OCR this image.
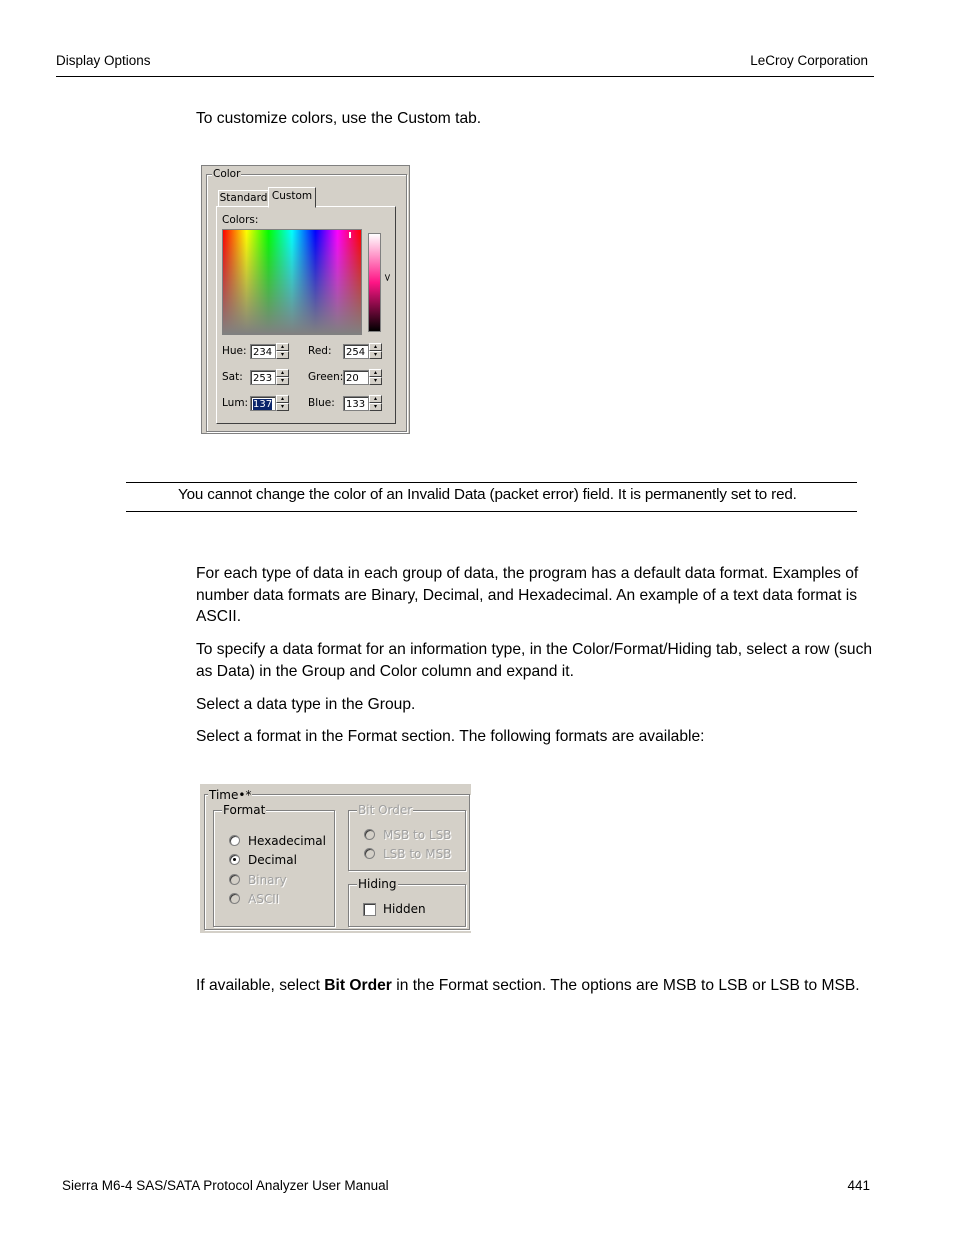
Display Options	LeCroy Corporation

To customize colors, use the Custom tab.

Color
Standard Custom
Colors:
<
Hue: 234
▴
▾
Sat:	253
▴
▾
Lum: 137
▴
▾
Red:	254
▴
▾
Green: 20
▴
▾
Blue:	133
▴
▾
You cannot change the color of an Invalid Data (packet error) field. It is permanently set to red.

For each type of data in each group of data, the program has a default data format. Examples of number data formats are Binary, Decimal, and Hexadecimal. An example of a text data format is ASCII.

To specify a data format for an information type, in the Color/Format/Hiding tab, select a row (such as Data) in the Group and Color column and expand it.

Select a data type in the Group.

Select a format in the Format section. The following formats are available:

Time•*
Format
Hexadecimal
Decimal
Binary
ASCII
Bit Order
MSB to LSB
LSB to MSB
Hiding
Hidden

If available, select Bit Order in the Format section. The options are MSB to LSB or LSB to MSB.

Sierra M6-4 SAS/SATA Protocol Analyzer User Manual	441
